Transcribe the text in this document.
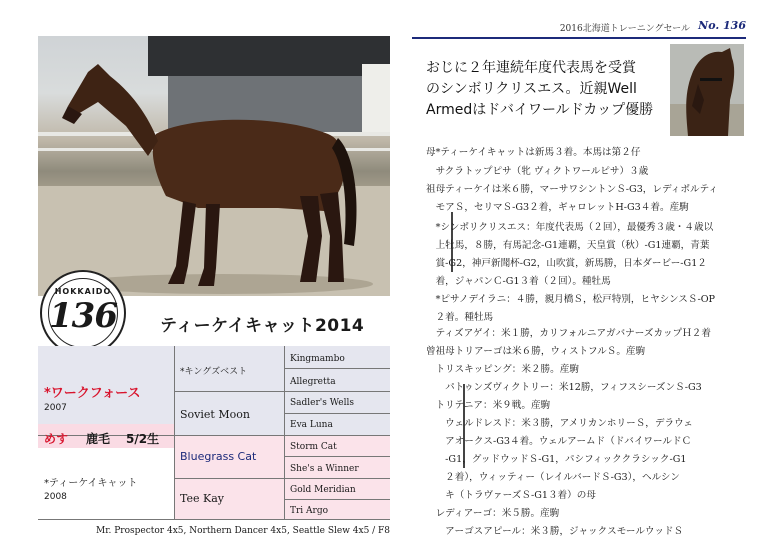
HOKKAIDO
136	ティーケイキャット2014
*ワークフォース
2007
めす 鹿毛 5/2生
*ティーケイキャット
2008
*キングズベスト
Soviet Moon
Bluegrass Cat
Tee Kay
Kingmambo
Allegretta
Sadler's Wells
Eva Luna
Storm Cat
She's a Winner
Gold Meridian
Tri Argo
Mr. Prospector 4x5, Northern Dancer 4x5, Seattle Slew 4x5 / F8
2016北海道トレーニングセール No. 136
おじに２年連続年度代表馬を受賞
のシンボリクリスエス。近親Well
Armedはドバイワールドカップ優勝
母*ティーケイキャットは新馬３着。本馬は第２仔
　サクラトップピサ（牝 ヴィクトワールピサ）３歳
祖母ティーケイは米６勝，マーサワシントンＳ-G3，レディボルティ
　モアＳ，セリマＳ-G3２着，ギャロレットH-G3４着。産駒
　*シンボリクリスエス：年度代表馬（２回），最優秀３歳・４歳以
　上牡馬，８勝，有馬記念-G1連覇，天皇賞（秋）-G1連覇，青葉
　賞-G2，神戸新聞杯-G2，山吹賞，新馬勝，日本ダービー-G1２
　着，ジャパンＣ-G1３着（２回）。種牡馬
　*ピサノデイラニ：４勝，親月橋Ｓ，松戸特別，ヒヤシンスＳ-OP
　２着。種牡馬
　ティズアゲイ：米１勝，カリフォルニアガバナーズカップＨ２着
曾祖母トリアーゴは米６勝，ウィストフルＳ。産駒
　トリスキッピング：米２勝。産駒
　　パトゥンズヴィクトリー：米12勝，フィフスシーズンＳ-G3
　トリテニア：米９戦。産駒
　　ウェルドレスド：米３勝，アメリカンホリーＳ，デラウェ
　　アオークス-G3４着。ウェルアームド（ドバイワールドＣ
　　-G1，グッドウッドＳ-G1，パシフィッククラシック-G1
　　２着），ウィッティー（レイルバードＳ-G3），ヘルシン
　　キ（トラヴァーズＳ-G1３着）の母
　レディアーゴ：米５勝。産駒
　　アーゴスアピール：米３勝，ジャックスモールウッドＳ
